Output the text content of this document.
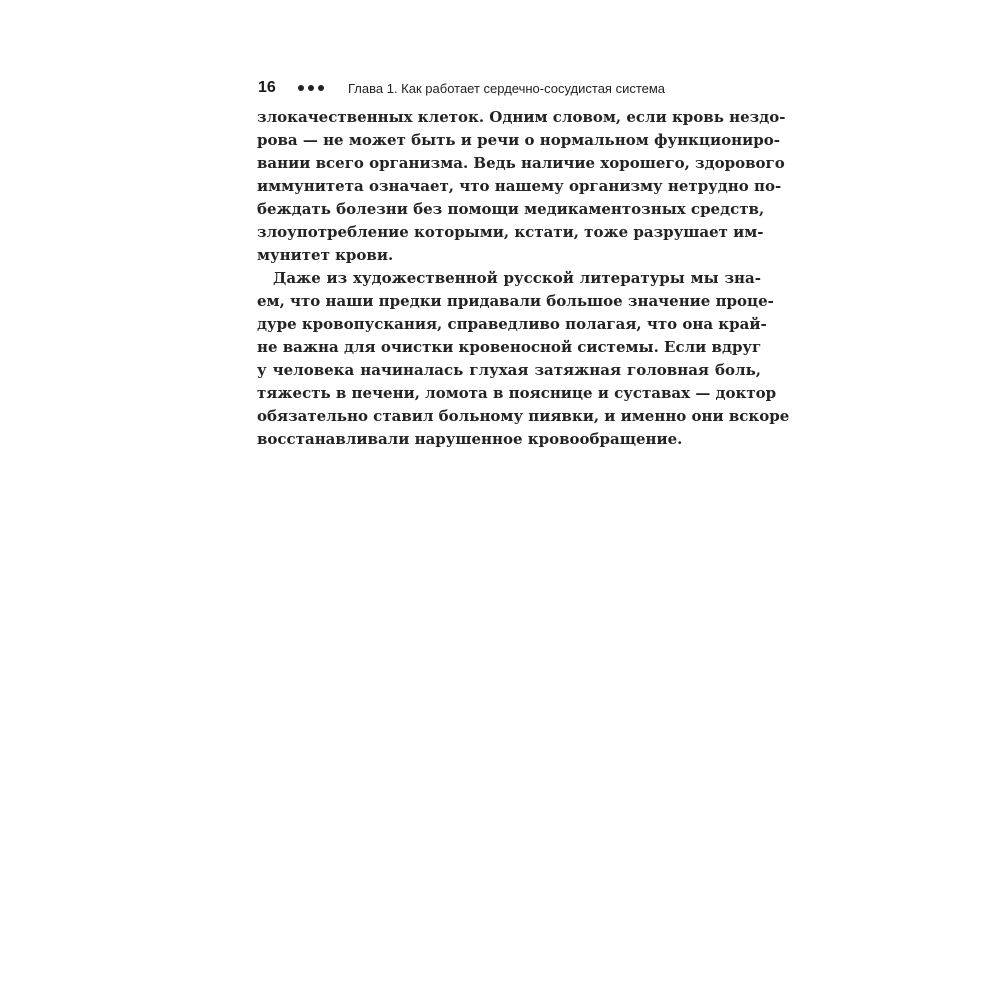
16	Глава 1. Как работает сердечно-сосудистая система
злокачественных клеток. Одним словом, если кровь нездо-
рова — не может быть и речи о нормальном функциониро-
вании всего организма. Ведь наличие хорошего, здорового
иммунитета означает, что нашему организму нетрудно по-
беждать болезни без помощи медикаментозных средств,
злоупотребление которыми, кстати, тоже разрушает им-
мунитет крови.
Даже из художественной русской литературы мы зна-
ем, что наши предки придавали большое значение проце-
дуре кровопускания, справедливо полагая, что она край-
не важна для очистки кровеносной системы. Если вдруг
у человека начиналась глухая затяжная головная боль,
тяжесть в печени, ломота в пояснице и суставах — доктор
обязательно ставил больному пиявки, и именно они вскоре
восстанавливали нарушенное кровообращение.
